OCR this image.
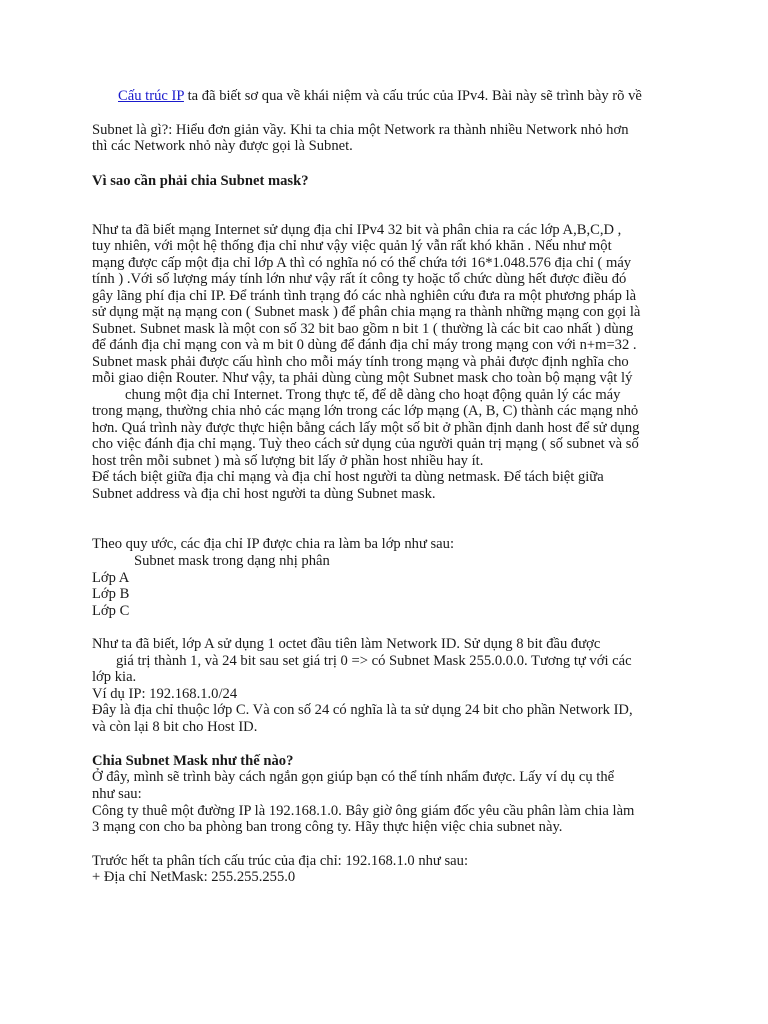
Cấu trúc IP ta đã biết sơ qua về khái niệm và cấu trúc của IPv4. Bài này sẽ trình bày rõ về

Subnet là gì?: Hiểu đơn giản vầy. Khi ta chia một Network ra thành nhiều Network nhỏ hơn

thì các Network nhỏ này được gọi là Subnet.

Vì sao cần phải chia Subnet mask?

Như ta đã biết mạng Internet sử dụng địa chỉ IPv4 32 bit và phân chia ra các lớp A,B,C,D ,

tuy nhiên, với một hệ thống địa chỉ như vậy việc quản lý vẫn rất khó khăn . Nếu như một

mạng được cấp một địa chỉ lớp A thì có nghĩa nó có thể chứa tới 16*1.048.576 địa chỉ ( máy

tính ) .Với số lượng máy tính lớn như vậy rất ít công ty hoặc tổ chức dùng hết được điều đó

gây lãng phí địa chỉ IP. Để tránh tình trạng đó các nhà nghiên cứu đưa ra một phương pháp là

sử dụng mặt nạ mạng con ( Subnet mask ) để phân chia mạng ra thành những mạng con gọi là

Subnet. Subnet mask là một con số 32 bit bao gồm n bit 1 ( thường là các bit cao nhất ) dùng

để đánh địa chỉ mạng con và m bit 0 dùng để đánh địa chỉ máy trong mạng con với n+m=32 .

Subnet mask phải được cấu hình cho mỗi máy tính trong mạng và phải được định nghĩa cho

mỗi giao diện Router. Như vậy, ta phải dùng cùng một Subnet mask cho toàn bộ mạng vật lý

chung một địa chỉ Internet. Trong thực tế, để dễ dàng cho hoạt động quản lý các máy

trong mạng, thường chia nhỏ các mạng lớn trong các lớp mạng (A, B, C) thành các mạng nhỏ

hơn. Quá trình này được thực hiện bằng cách lấy một số bit ở phần định danh host để sử dụng

cho việc đánh địa chỉ mạng. Tuỳ theo cách sử dụng của người quản trị mạng ( số subnet và số

host trên mỗi subnet ) mà số lượng bit lấy ở phần host nhiều hay ít.

Để tách biệt giữa địa chỉ mạng và địa chỉ host người ta dùng netmask. Để tách biệt giữa

Subnet address và địa chỉ host người ta dùng Subnet mask.

Theo quy ước, các địa chỉ IP được chia ra làm ba lớp như sau:

Subnet mask trong dạng nhị phân

Lớp A

Lớp B

Lớp C

Như ta đã biết, lớp A sử dụng 1 octet đầu tiên làm Network ID. Sử dụng 8 bit đầu được

giá trị thành 1, và 24 bit sau set giá trị 0 => có Subnet Mask 255.0.0.0. Tương tự với các

lớp kia.

Ví dụ IP: 192.168.1.0/24

Đây là địa chỉ thuộc lớp C. Và con số 24 có nghĩa là ta sử dụng 24 bit cho phần Network ID,

và còn lại 8 bit cho Host ID.

Chia Subnet Mask như thế nào?

Ở đây, mình sẽ trình bày cách ngắn gọn giúp bạn có thể tính nhẩm được. Lấy ví dụ cụ thể

như sau:

Công ty thuê một đường IP là 192.168.1.0. Bây giờ ông giám đốc yêu cầu phân làm chia làm

3 mạng con cho ba phòng ban trong công ty. Hãy thực hiện việc chia subnet này.

Trước hết ta phân tích cấu trúc của địa chỉ: 192.168.1.0 như sau:

+ Địa chỉ NetMask: 255.255.255.0
